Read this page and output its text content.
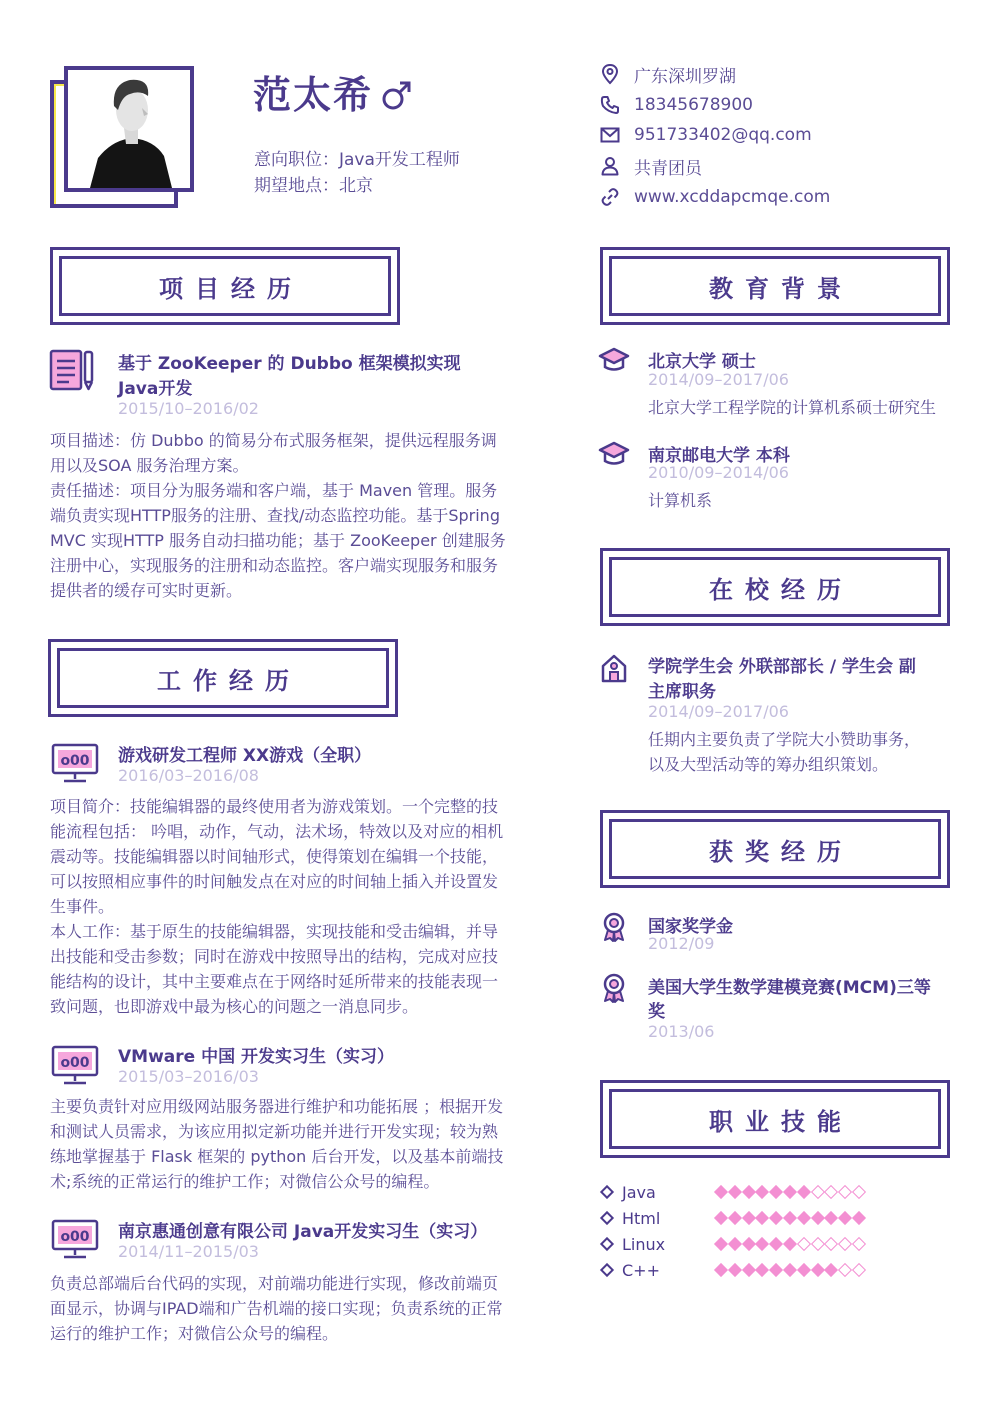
范太希
意向职位：Java开发工程师
期望地点：北京
广东深圳罗湖
18345678900
951733402@qq.com
共青团员
www.xcddapcmqe.com
项目经历
工作经历
教育背景
在校经历
获奖经历
职业技能
基于 ZooKeeper 的 Dubbo 框架模拟实现
Java开发
2015/10–2016/02
项目描述：仿 Dubbo 的简易分布式服务框架，提供远程服务调
用以及SOA 服务治理方案。
责任描述：项目分为服务端和客户端，基于 Maven 管理。服务
端负责实现HTTP服务的注册、查找/动态监控功能。基于Spring
MVC 实现HTTP 服务自动扫描功能；基于 ZooKeeper 创建服务
注册中心，实现服务的注册和动态监控。客户端实现服务和服务
提供者的缓存可实时更新。
o00 游戏研发工程师 XX游戏（全职）
2016/03–2016/08
项目简介：技能编辑器的最终使用者为游戏策划。一个完整的技
能流程包括： 吟唱，动作，气动，法术场，特效以及对应的相机
震动等。技能编辑器以时间轴形式，使得策划在编辑一个技能，
可以按照相应事件的时间触发点在对应的时间轴上插入并设置发
生事件。
本人工作：基于原生的技能编辑器，实现技能和受击编辑，并导
出技能和受击参数；同时在游戏中按照导出的结构，完成对应技
能结构的设计，其中主要难点在于网络时延所带来的技能表现一
致问题，也即游戏中最为核心的问题之一消息同步。
o00 VMware 中国 开发实习生（实习）
2015/03–2016/03
主要负责针对应用级网站服务器进行维护和功能拓展 ；根据开发
和测试人员需求，为该应用拟定新功能并进行开发实现；较为熟
练地掌握基于 Flask 框架的 python 后台开发，以及基本前端技
术;系统的正常运行的维护工作；对微信公众号的编程。
o00 南京惠通创意有限公司 Java开发实习生（实习）
2014/11–2015/03
负责总部端后台代码的实现，对前端功能进行实现，修改前端页
面显示，协调与IPAD端和广告机端的接口实现；负责系统的正常
运行的维护工作；对微信公众号的编程。
北京大学 硕士
2014/09–2017/06
北京大学工程学院的计算机系硕士研究生
南京邮电大学 本科
2010/09–2014/06
计算机系
学院学生会 外联部部长 / 学生会 副
主席职务
2014/09–2017/06
任期内主要负责了学院大小赞助事务，
以及大型活动等的筹办组织策划。
国家奖学金
2012/09
美国大学生数学建模竞赛(MCM)三等
奖
2013/06
Java
Html
Linux
C++
